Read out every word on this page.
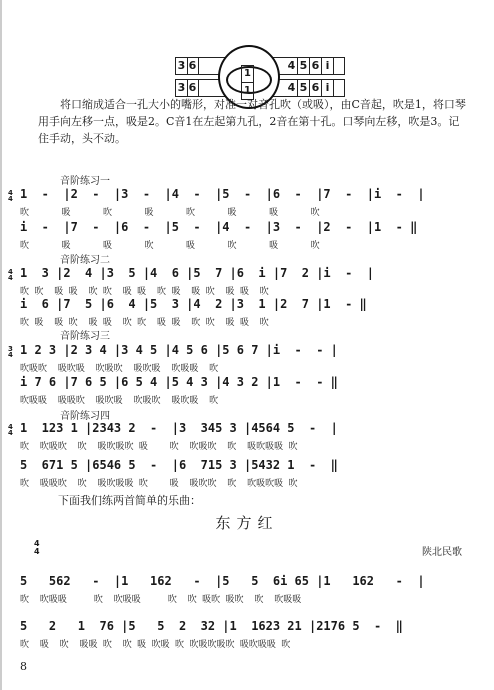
3 6	4 5 6 i
3 6	4 5 6 i
1
1
将口缩成适合一孔大小的嘴形，对准一对音孔吹（或吸），由C音起，吹是1，将口琴用手向左移一点，吸是2。C音1在左起第九孔，2音在第十孔。口琴向左移，吹是3。记住手动，头不动。
音阶练习一
4
4 1  -  |2  -  |3  -  |4  -  |5  -  |6  -  |7  -  |i  -  |
吹      吸      吹      吸      吹      吸      吸      吹
i  -  |7  -  |6  -  |5  -  |4  -  |3  -  |2  -  |1  - ‖
吹      吸      吸      吹      吸      吹      吸      吹
音阶练习二
4
4 1  3 |2  4 |3  5 |4  6 |5  7 |6  i |7  2 |i  -  |
吹 吹  吸 吸  吹 吹  吸 吸  吹 吸  吸 吹  吸 吸  吹
i  6 |7  5 |6  4 |5  3 |4  2 |3  1 |2  7 |1  - ‖
吹 吸  吸 吹  吸 吸  吹 吹  吸 吸  吹 吹  吸 吸  吹
音阶练习三
3
4 1 2 3 |2 3 4 |3 4 5 |4 5 6 |5 6 7 |i  -  - |
吹吸吹  吸吹吸  吹吸吹  吸吹吸  吹吸吸  吹
i 7 6 |7 6 5 |6 5 4 |5 4 3 |4 3 2 |1  -  - ‖
吹吸吸  吸吸吹  吸吹吸  吹吸吹  吸吹吸  吹
音阶练习四
4
4 1  123 1 |2343 2  -  |3  345 3 |4564 5  -  |
吹  吹吸吹  吹  吸吹吸吹 吸    吹  吹吸吹  吹  吸吹吸吸 吹
5  671 5 |6546 5  -  |6  715 3 |5432 1  -  ‖
吹  吸吸吹  吹  吸吹吸吸 吹    吸  吸吹吹  吹  吹吸吹吸 吹
下面我们练两首简单的乐曲：
东方红
4
4	陕北民歌
5   562   -  |1   162   -  |5   5  6i 65 |1   162   -  |
吹  吹吸吸     吹  吹吸吸     吹  吹 吸吹 吸吹  吹  吹吸吸
5   2   1  76 |5   5  2  32 |1  1623 21 |2176 5  -  ‖
吹  吸  吹  吸吸 吹  吹 吸 吹吸 吹 吹吸吹吸吹 吸吹吸吸 吹
8
